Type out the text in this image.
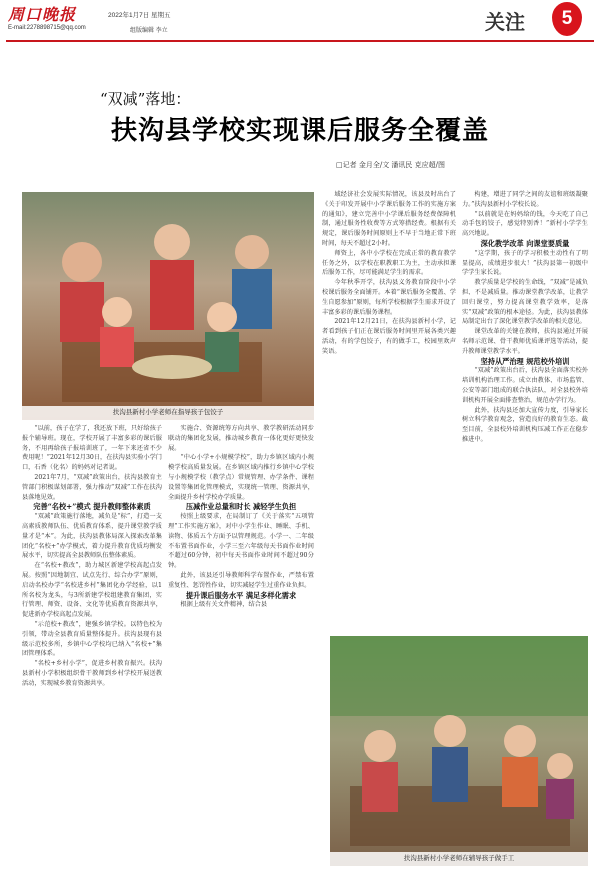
周口晚报
E-mail:2278898715@qq.com
2022年1月7日 星期五
组版编辑 李立	关注	5
“双减”落地：
扶沟县学校实现课后服务全覆盖
□记者 金月全/文 潘讯民 克应超/图
扶沟县新村小学老师在指导孩子包饺子
扶沟县新村小学老师在辅导孩子做手工

“以前，孩子在学了，我还放下班，只好给孩子报个辅导班。现在，学校开展了丰富多彩的课后服务，不用再给孩子报培训班了，一年下来还省不少费用呢！”2021年12月30日，在扶沟县实验小学门口，石香（化名）的妈妈对记者说。

2021年7月，“双减”政策出台，扶沟县教育主管部门积极谋划部署，强力推动“双减”工作在扶沟县落地见效。

完善“名校+”模式 提升教师整体素质

“双减”政策施行落地，减负是“标”，打造一支高素质教师队伍、优质教育体系，提升课堂教学质量才是“本”。为此，扶沟县教体局深入探索改革集团化“名校+”办学模式，着力提升教育优质均衡发展水平，切实提高全县教师队伍整体素质。

在“名校+教改”，助力城区新建学校高起点发展。按照“因地制宜、试点先行、综合办学”原则，启动名校办学“名校进乡村”集团化办学经验，以1所名校为龙头，与3所新建学校组建教育集团，实行管理、师资、设备、文化等优质教育资源共享，促进新办学校高起点发展。

“示范校+教改”，建强乡镇学校。以特色校为引领，带动全县教育质量整体提升。扶沟县现有县级示范校多所，乡镇中心学校均已纳入“名校+”集团管理体系。

“名校+乡村小学”，促进乡村教育振兴。扶沟县新村小学积极组织骨干教师到乡村学校开展送教活动，实现城乡教育资源共享。

实施合、资源统筹方向共享、教学教研活动同步联动的集团化发展，推动城乡教育一体化更好更快发展。

“中心小学+小规模学校”，助力乡镇区域内小规模学校高质量发展。在乡镇区域内推行乡镇中心学校与小规模学校（教学点）常规管理、办学条件、课程设置等集团化管理模式，实现统一管理、资源共享，全面提升乡村学校办学质量。

压减作业总量和时长 减轻学生负担

按照上级要求，在局制订了《关于落实“五项管理”工作实施方案》，对中小学生作业、睡眠、手机、读物、体质五个方面予以管理规范。小学一、二年级不布置书面作业，小学三至六年级每天书面作业时间不超过60分钟，初中每天书面作业时间不超过90分钟。

此外，该县还引导教师科学布置作业，严禁布置重复性、惩罚性作业，切实减轻学生过重作业负担。

提升课后服务水平 满足多样化需求

根据上级有关文件精神，结合县

域经济社会发展实际情况，该县及时出台了《关于印发开展中小学课后服务工作的实施方案的通知》，建立完善中小学课后服务经费保障机制，通过服务性收费等方式筹措经费。根据有关规定，课后服务时间原则上不早于当地正常下班时间，每天不超过2小时。

师资上，各中小学校在完成正常的教育教学任务之外，以学校在职教职工为主，主动承担课后服务工作，尽可能满足学生的需求。

今年秋季开学，扶沟县义务教育阶段中小学校课后服务全面铺开。本着“课后服务全覆盖、学生自愿参加”原则，每所学校根据学生需求开设了丰富多彩的课后服务课程。

2021年12月21日，在扶沟县新村小学，记者看到孩子们正在课后服务时间里开展各类兴趣活动，有的学包饺子，有的做手工，校园里欢声笑语。

构建，增进了同学之间的友谊和班级凝聚力。”扶沟县新村小学校长说。

“以前就是在妈妈给的钱，今天吃了自己动手包的饺子，感觉特别香！”新村小学学生高兴地说。

深化教学改革 向课堂要质量

“这学期，孩子的学习积极主动性有了明显提高，成绩进步很大！”扶沟县第一初级中学学生家长说。

教学质量是学校的生命线，“双减”是减负担、不是减质量。推动课堂教学改革，让教学回归课堂，努力提高课堂教学效率，是落实“双减”政策的根本途径。为此，扶沟县教体局制定出台了深化课堂教学改革的相关意见。

课堂改革的关键在教师，扶沟县通过开展名师示范课、骨干教师优质课评选等活动，提升教师课堂教学水平。

坚持从严治理 规范校外培训

“双减”政策出台后，扶沟县全面落实校外培训机构治理工作。成立由教体、市场监管、公安等部门组成的联合执法队，对全县校外培训机构开展全面排查整治，规范办学行为。

此外，扶沟县还加大宣传力度，引导家长树立科学教育观念，营造良好的教育生态。截至目前，全县校外培训机构压减工作正在稳步推进中。
